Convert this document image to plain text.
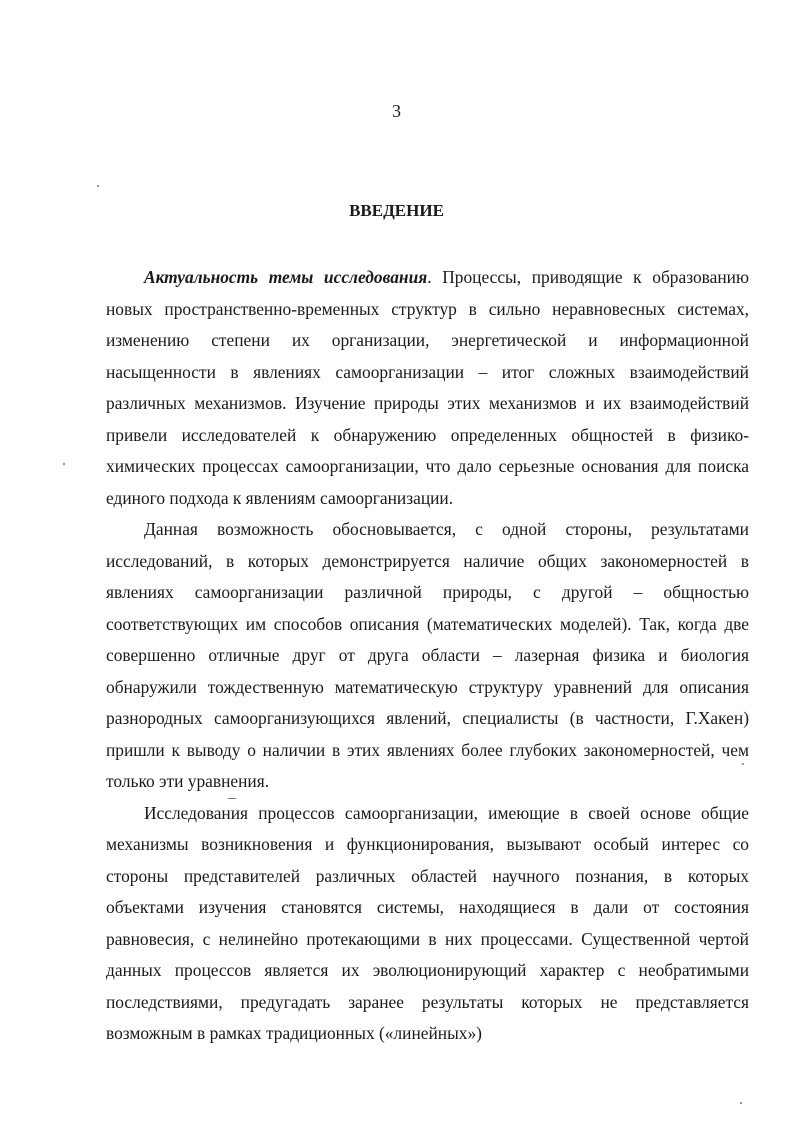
3
ВВЕДЕНИЕ

Актуальность темы исследования. Процессы, приводящие к образованию новых пространственно-временных структур в сильно неравновесных системах, изменению степени их организации, энергетической и информационной насыщенности в явлениях самоорганизации – итог сложных взаимодействий различных механизмов. Изучение природы этих механизмов и их взаимодействий привели исследователей к обнаружению определенных общностей в физико-химических процессах самоорганизации, что дало серьезные основания для поиска единого подхода к явлениям самоорганизации.

Данная возможность обосновывается, с одной стороны, результатами исследований, в которых демонстрируется наличие общих закономерностей в явлениях самоорганизации различной природы, с другой – общностью соответствующих им способов описания (математических моделей). Так, когда две совершенно отличные друг от друга области – лазерная физика и биология обнаружили тождественную математическую структуру уравнений для описания разнородных самоорганизующихся явлений, специалисты (в частности, Г.Хакен) пришли к выводу о наличии в этих явлениях более глубоких закономерностей, чем только эти уравнения.

Исследования процессов самоорганизации, имеющие в своей основе общие механизмы возникновения и функционирования, вызывают особый интерес со стороны представителей различных областей научного познания, в которых объектами изучения становятся системы, находящиеся в дали от состояния равновесия, с нелинейно протекающими в них процессами. Существенной чертой данных процессов является их эволюционирующий характер с необратимыми последствиями, предугадать заранее результаты которых не представляется возможным в рамках традиционных («линейных»)
